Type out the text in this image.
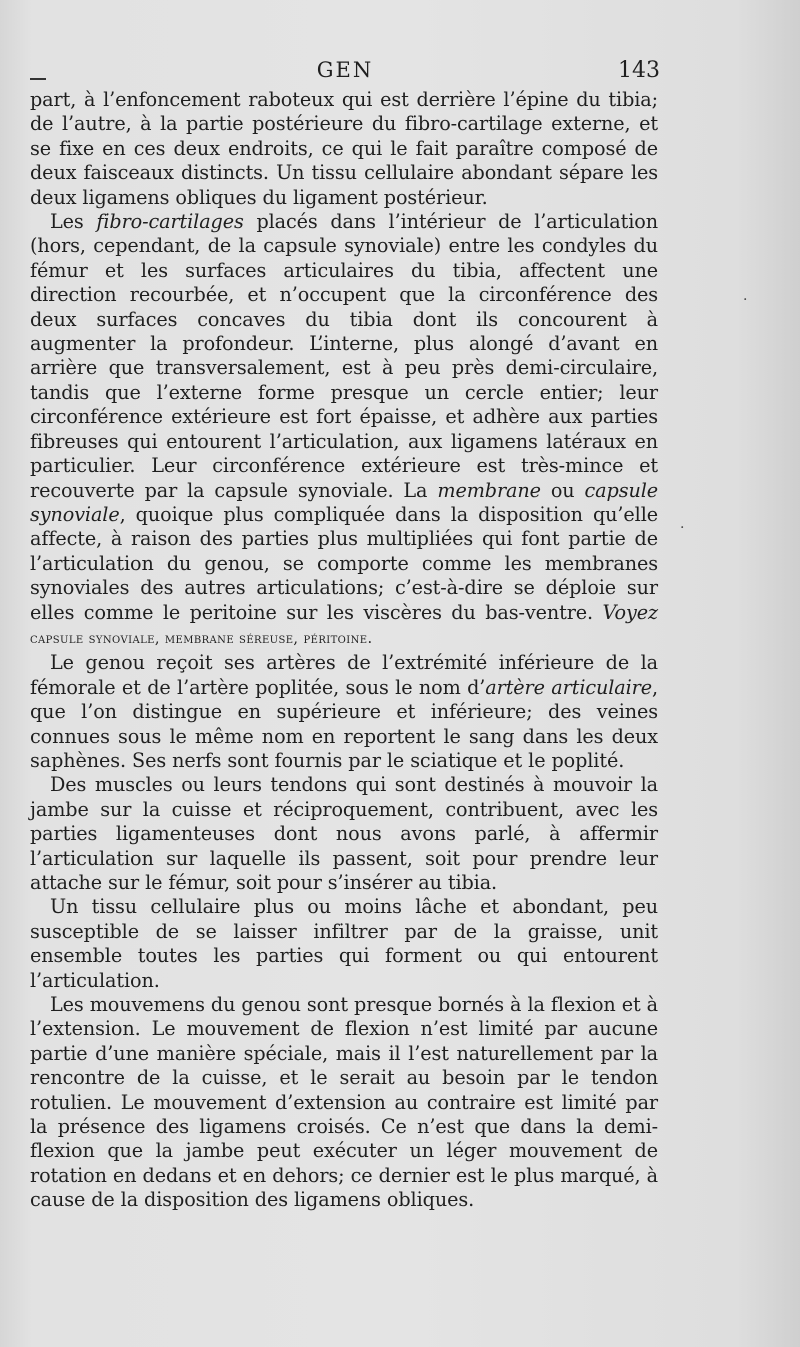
GEN	143

part, à l’enfoncement raboteux qui est derrière l’épine du tibia; de l’autre, à la partie postérieure du fibro-cartilage externe, et se fixe en ces deux endroits, ce qui le fait paraître composé de deux faisceaux distincts. Un tissu cellulaire abondant sépare les deux ligamens obliques du ligament postérieur.

Les fibro-cartilages placés dans l’intérieur de l’articulation (hors, cependant, de la capsule synoviale) entre les condyles du fémur et les surfaces articulaires du tibia, affectent une direction recourbée, et n’occupent que la circonférence des deux surfaces concaves du tibia dont ils concourent à augmenter la profondeur. L’interne, plus alongé d’avant en arrière que transversalement, est à peu près demi-circulaire, tandis que l’externe forme presque un cercle entier; leur circonférence extérieure est fort épaisse, et adhère aux parties fibreuses qui entourent l’articulation, aux ligamens latéraux en particulier. Leur circonférence extérieure est très-mince et recouverte par la capsule synoviale. La membrane ou capsule synoviale, quoique plus compliquée dans la disposition qu’elle affecte, à raison des parties plus multipliées qui font partie de l’articulation du genou, se comporte comme les membranes synoviales des autres articulations; c’est-à-dire se déploie sur elles comme le peritoine sur les viscères du bas-ventre. Voyez capsule synoviale, membrane séreuse, péritoine.

Le genou reçoit ses artères de l’extrémité inférieure de la fémorale et de l’artère poplitée, sous le nom d’artère articulaire, que l’on distingue en supérieure et inférieure; des veines connues sous le même nom en reportent le sang dans les deux saphènes. Ses nerfs sont fournis par le sciatique et le poplité.

Des muscles ou leurs tendons qui sont destinés à mouvoir la jambe sur la cuisse et réciproquement, contribuent, avec les parties ligamenteuses dont nous avons parlé, à affermir l’articulation sur laquelle ils passent, soit pour prendre leur attache sur le fémur, soit pour s’insérer au tibia.

Un tissu cellulaire plus ou moins lâche et abondant, peu susceptible de se laisser infiltrer par de la graisse, unit ensemble toutes les parties qui forment ou qui entourent l’articulation.

Les mouvemens du genou sont presque bornés à la flexion et à l’extension. Le mouvement de flexion n’est limité par aucune partie d’une manière spéciale, mais il l’est naturellement par la rencontre de la cuisse, et le serait au besoin par le tendon rotulien. Le mouvement d’extension au contraire est limité par la présence des ligamens croisés. Ce n’est que dans la demi-flexion que la jambe peut exécuter un léger mouvement de rotation en dedans et en dehors; ce dernier est le plus marqué, à cause de la disposition des ligamens obliques.

·
·
